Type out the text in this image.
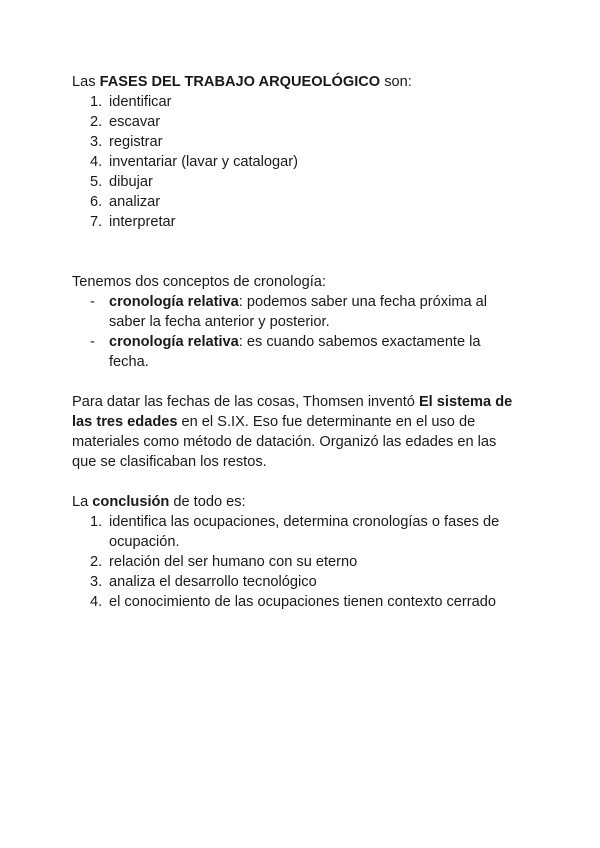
Las FASES DEL TRABAJO ARQUEOLÓGICO son:

1. identificar
2. escavar
3. registrar
4. inventariar (lavar y catalogar)
5. dibujar
6. analizar
7. interpretar

Tenemos dos conceptos de cronología:

- cronología relativa: podemos saber una fecha próxima al saber la fecha anterior y posterior.
- cronología relativa: es cuando sabemos exactamente la fecha.

Para datar las fechas de las cosas, Thomsen inventó El sistema de las tres edades en el S.IX. Eso fue determinante en el uso de materiales como método de datación. Organizó las edades en las que se clasificaban los restos.

La conclusión de todo es:

1. identifica las ocupaciones, determina cronologías o fases de ocupación.
2. relación del ser humano con su eterno
3. analiza el desarrollo tecnológico
4. el conocimiento de las ocupaciones tienen contexto cerrado
